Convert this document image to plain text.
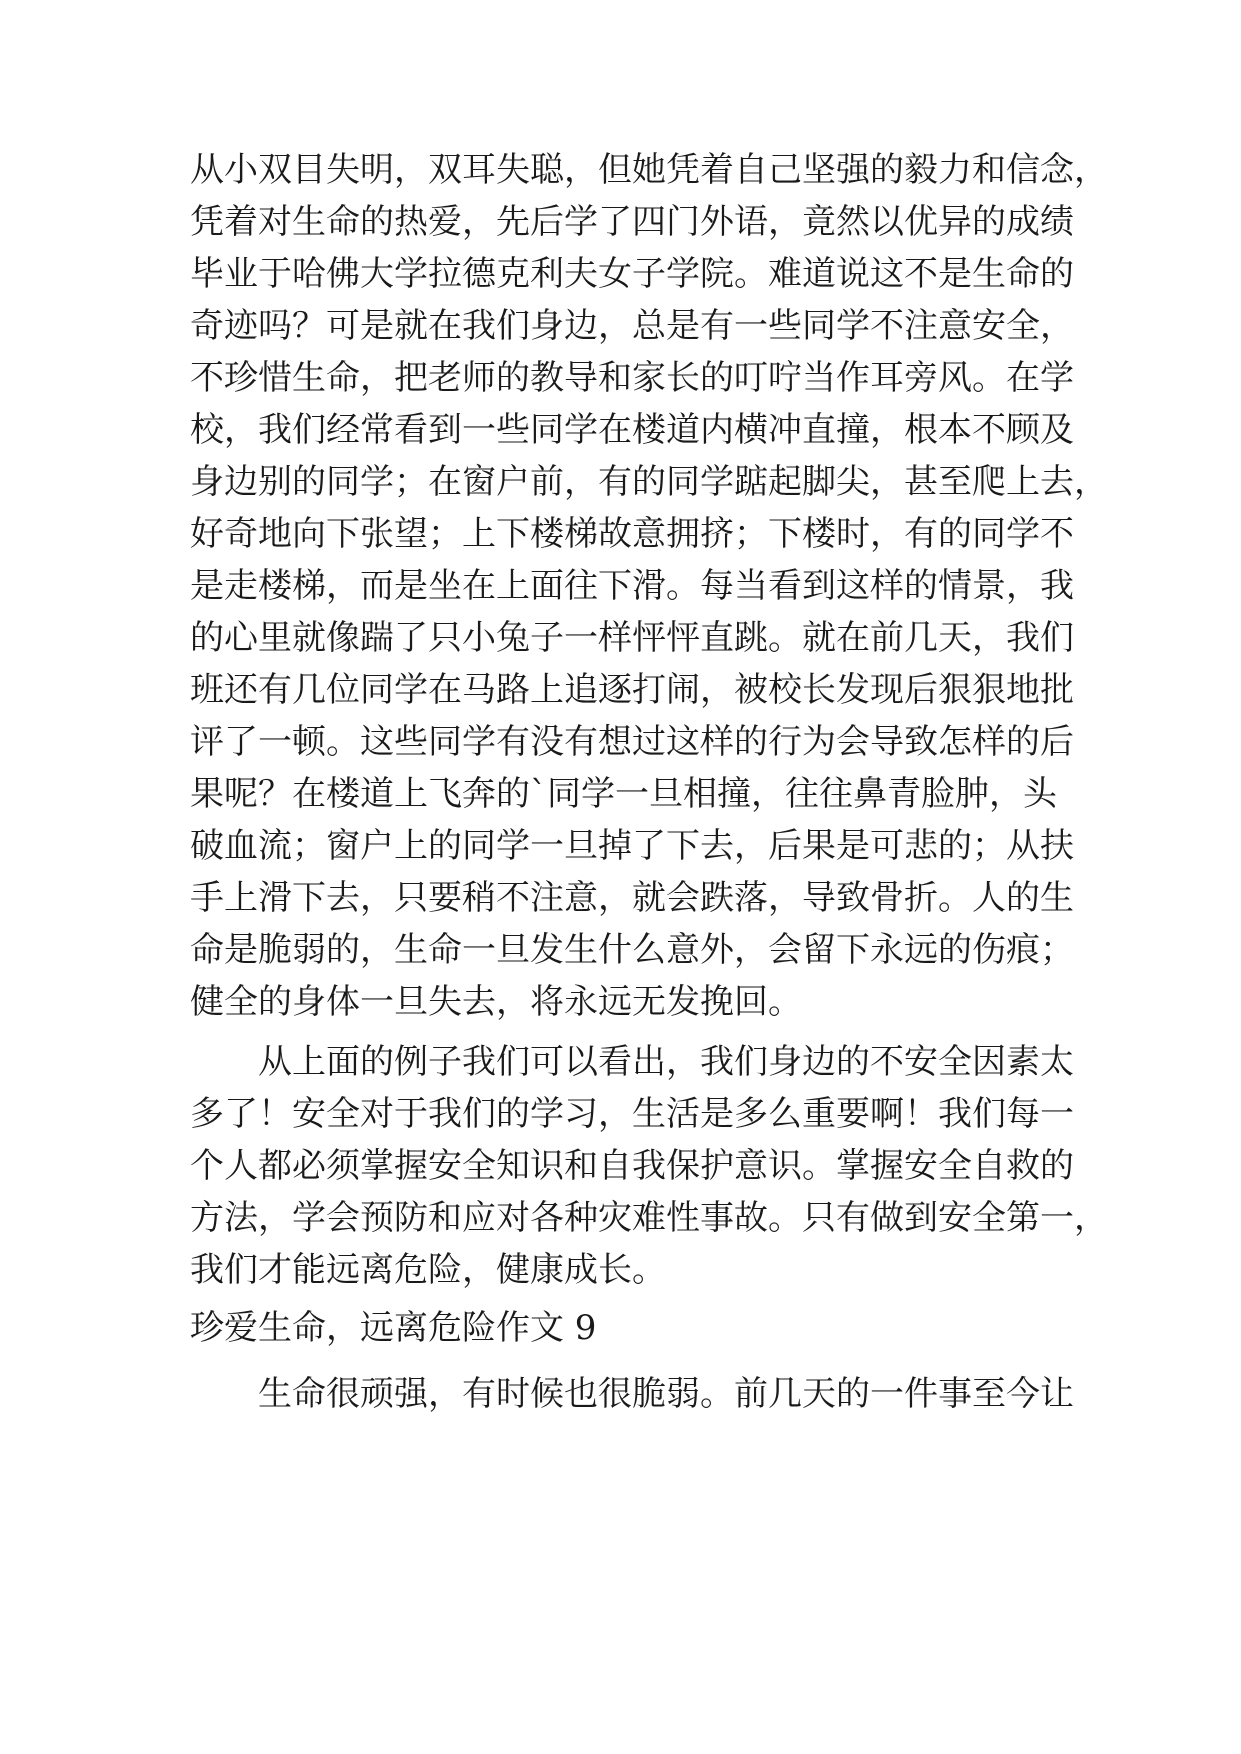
从小双目失明，双耳失聪，但她凭着自己坚强的毅力和信念，
凭着对生命的热爱，先后学了四门外语，竟然以优异的成绩
毕业于哈佛大学拉德克利夫女子学院。难道说这不是生命的
奇迹吗？可是就在我们身边，总是有一些同学不注意安全，
不珍惜生命，把老师的教导和家长的叮咛当作耳旁风。在学
校，我们经常看到一些同学在楼道内横冲直撞，根本不顾及
身边别的同学；在窗户前，有的同学踮起脚尖，甚至爬上去，
好奇地向下张望；上下楼梯故意拥挤；下楼时，有的同学不
是走楼梯，而是坐在上面往下滑。每当看到这样的情景，我
的心里就像踹了只小兔子一样怦怦直跳。就在前几天，我们
班还有几位同学在马路上追逐打闹，被校长发现后狠狠地批
评了一顿。这些同学有没有想过这样的行为会导致怎样的后
果呢？在楼道上飞奔的`同学一旦相撞，往往鼻青脸肿，头
破血流；窗户上的同学一旦掉了下去，后果是可悲的；从扶
手上滑下去，只要稍不注意，就会跌落，导致骨折。人的生
命是脆弱的，生命一旦发生什么意外，会留下永远的伤痕；
健全的身体一旦失去，将永远无发挽回。
从上面的例子我们可以看出，我们身边的不安全因素太
多了！安全对于我们的学习，生活是多么重要啊！我们每一
个人都必须掌握安全知识和自我保护意识。掌握安全自救的
方法，学会预防和应对各种灾难性事故。只有做到安全第一，
我们才能远离危险，健康成长。
珍爱生命，远离危险作文 9
生命很顽强，有时候也很脆弱。前几天的一件事至今让
